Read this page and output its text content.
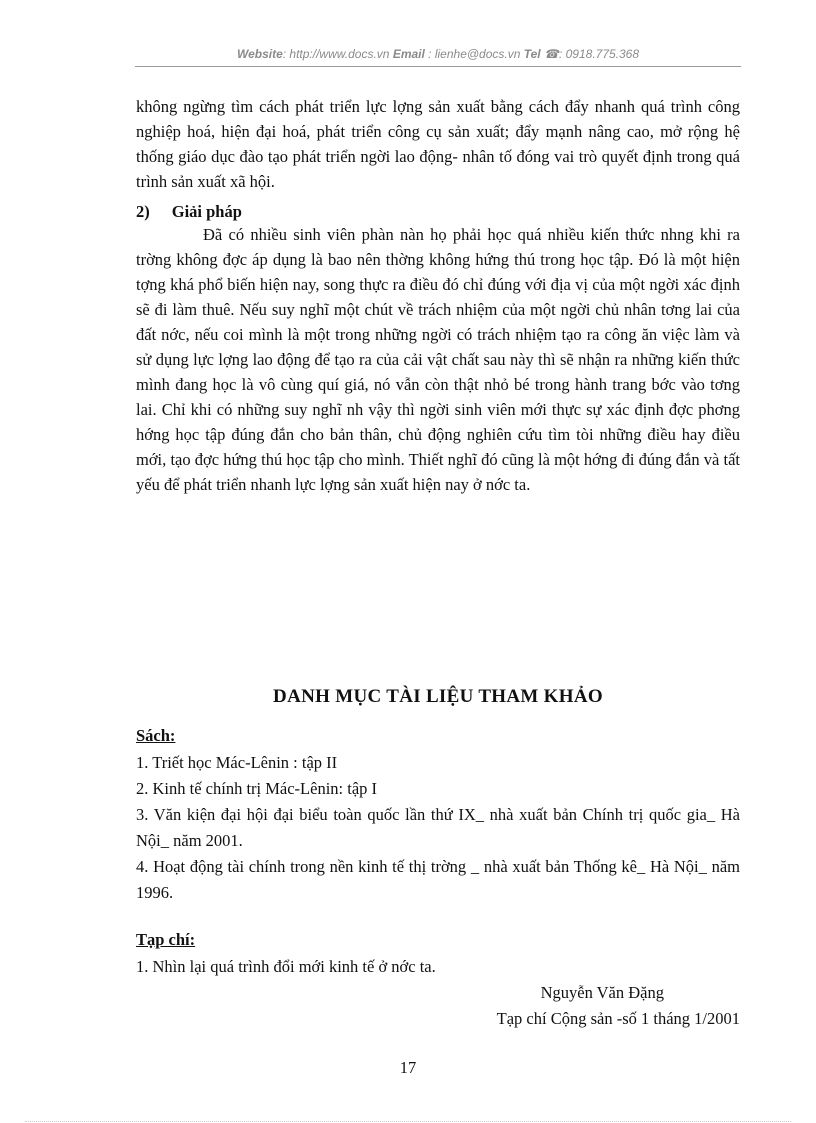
Website: http://www.docs.vn Email : lienhe@docs.vn Tel ☎: 0918.775.368

không ngừng tìm cách phát triển lực lợng sản xuất bằng cách đẩy nhanh quá trình công nghiệp hoá, hiện đại hoá, phát triển công cụ sản xuất; đẩy mạnh nâng cao, mở rộng hệ thống giáo dục đào tạo phát triển ngời lao động- nhân tố đóng vai trò quyết định trong quá trình sản xuất xã hội.

2) Giải pháp

Đã có nhiều sinh viên phàn nàn họ phải học quá nhiều kiến thức nhng khi ra trờng không đợc áp dụng là bao nên thờng không hứng thú trong học tập. Đó là một hiện tợng khá phổ biến hiện nay, song thực ra điều đó chỉ đúng với địa vị của một ngời xác định sẽ đi làm thuê. Nếu suy nghĩ một chút về trách nhiệm của một ngời chủ nhân tơng lai của đất nớc, nếu coi mình là một trong những ngời có trách nhiệm tạo ra công ăn việc làm và sử dụng lực lợng lao động để tạo ra của cải vật chất sau này thì sẽ nhận ra những kiến thức mình đang học là vô cùng quí giá, nó vẫn còn thật nhỏ bé trong hành trang bớc vào tơng lai. Chỉ khi có những suy nghĩ nh vậy thì ngời sinh viên mới thực sự xác định đợc phơng hớng học tập đúng đắn cho bản thân, chủ động nghiên cứu tìm tòi những điều hay điều mới, tạo đợc hứng thú học tập cho mình. Thiết nghĩ đó cũng là một hớng đi đúng đắn và tất yếu để phát triển nhanh lực lợng sản xuất hiện nay ở nớc ta.

DANH MỤC TÀI LIỆU THAM KHẢO
Sách:

1. Triết học Mác-Lênin : tập II

2. Kinh tế chính trị Mác-Lênin: tập I

3. Văn kiện đại hội đại biểu toàn quốc lần thứ IX_ nhà xuất bản Chính trị quốc gia_ Hà Nội_ năm 2001.

4. Hoạt động tài chính trong nền kinh tế thị trờng _ nhà xuất bản Thống kê_ Hà Nội_ năm 1996.

Tạp chí:

1. Nhìn lại quá trình đổi mới kinh tế ở nớc ta.

Nguyễn Văn Đặng
Tạp chí Cộng sản -số 1 tháng 1/2001
17
